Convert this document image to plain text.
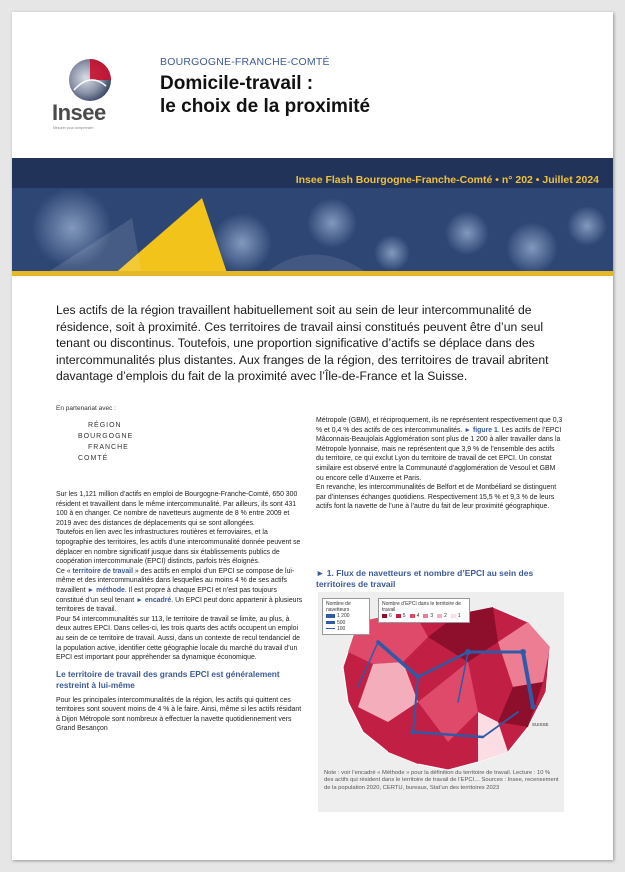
Insee
Mesurer pour comprendre
BOURGOGNE-FRANCHE-COMTÉ
Domicile-travail :
le choix de la proximité
Insee Flash Bourgogne-Franche-Comté • n° 202 • Juillet 2024
Les actifs de la région travaillent habituellement soit au sein de leur intercommunalité de résidence, soit à proximité. Ces territoires de travail ainsi constitués peuvent être d’un seul tenant ou discontinus. Toutefois, une proportion significative d’actifs se déplace dans des intercommunalités plus distantes. Aux franges de la région, des territoires de travail abritent davantage d’emplois du fait de la proximité avec l’Île-de-France et la Suisse.
En partenariat avec :
RÉGION
BOURGOGNE
FRANCHE
COMTÉ

Sur les 1,121 million d’actifs en emploi de Bourgogne-Franche-Comté, 650 300 résident et travaillent dans le même intercommunalité. Par ailleurs, ils sont 431 100 à en changer. Ce nombre de navetteurs augmente de 8 % entre 2009 et 2019 avec des distances de déplacements qui se sont allongées.

Toutefois en lien avec les infrastructures routières et ferroviaires, et la topographie des territoires, les actifs d’une intercommunalité donnée peuvent se déplacer en nombre significatif jusque dans six établissements publics de coopération intercommunale (EPCI) distincts, parfois très éloignés.

Ce « territoire de travail » des actifs en emploi d’un EPCI se compose de lui-même et des intercommunalités dans lesquelles au moins 4 % de ses actifs travaillent ► méthode. Il est propre à chaque EPCI et n’est pas toujours constitué d’un seul tenant ► encadré. Un EPCI peut donc appartenir à plusieurs territoires de travail.

Pour 54 intercommunalités sur 113, le territoire de travail se limite, au plus, à deux autres EPCI. Dans celles-ci, les trois quarts des actifs occupent un emploi au sein de ce territoire de travail. Aussi, dans un contexte de recul tendanciel de la population active, identifier cette géographie locale du marché du travail d’un EPCI est important pour appréhender sa dynamique économique.

Le territoire de travail des grands EPCI est généralement restreint à lui-même

Pour les principales intercommunalités de la région, les actifs qui quittent ces territoires sont souvent moins de 4 % à le faire. Ainsi, même si les actifs résidant à Dijon Métropole sont nombreux à effectuer la navette quotidiennement vers Grand Besançon

Métropole (GBM), et réciproquement, ils ne représentent respectivement que 0,3 % et 0,4 % des actifs de ces intercommunalités. ► figure 1. Les actifs de l’EPCI Mâconnais-Beaujolais Agglomération sont plus de 1 200 à aller travailler dans la Métropole lyonnaise, mais ne représentent que 3,9 % de l’ensemble des actifs du territoire, ce qui exclut Lyon du territoire de travail de cet EPCI. Un constat similaire est observé entre la Communauté d’agglomération de Vesoul et GBM ou encore celle d’Auxerre et Paris.

En revanche, les intercommunalités de Belfort et de Montbéliard se distinguent par d’intenses échanges quotidiens. Respectivement 15,5 % et 9,3 % de leurs actifs font la navette de l’une à l’autre du fait de leur proximité géographique.

► 1. Flux de navetteurs et nombre d’EPCI au sein des territoires de travail
Nombre de navetteurs
1 200
500
100
Nombre d’EPCI dans le territoire de travail
6 5 4 3 2 1
SUISSE
Note : voir l’encadré « Méthode » pour la définition du territoire de travail. Lecture : 10 % des actifs qui résident dans le territoire de travail de l’EPCI… Sources : Insee, recensement de la population 2020, CERTU, bureaux, Stat’un des territoires 2023
